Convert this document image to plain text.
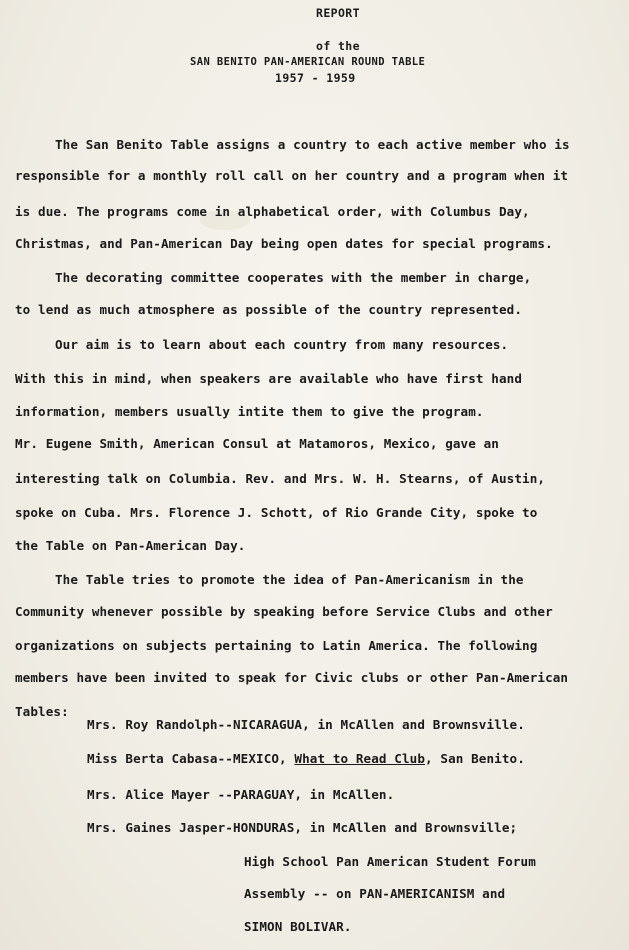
REPORT
of the
SAN BENITO PAN-AMERICAN ROUND TABLE
1957 - 1959
The San Benito Table assigns a country to each active member who is
responsible for a monthly roll call on her country and a program when it
is due. The programs come in alphabetical order, with Columbus Day,
Christmas, and Pan-American Day being open dates for special programs.
The decorating committee cooperates with the member in charge,
to lend as much atmosphere as possible of the country represented.
Our aim is to learn about each country from many resources.
With this in mind, when speakers are available who have first hand
information, members usually intite them to give the program.
Mr. Eugene Smith, American Consul at Matamoros, Mexico, gave an
interesting talk on Columbia. Rev. and Mrs. W. H. Stearns, of Austin,
spoke on Cuba. Mrs. Florence J. Schott, of Rio Grande City, spoke to
the Table on Pan-American Day.
The Table tries to promote the idea of Pan-Americanism in the
Community whenever possible by speaking before Service Clubs and other
organizations on subjects pertaining to Latin America. The following
members have been invited to speak for Civic clubs or other Pan-American
Tables:
Mrs. Roy Randolph--NICARAGUA, in McAllen and Brownsville.
Miss Berta Cabasa--MEXICO, What to Read Club, San Benito.
Mrs. Alice Mayer --PARAGUAY, in McAllen.
Mrs. Gaines Jasper-HONDURAS, in McAllen and Brownsville;
High School Pan American Student Forum
Assembly -- on PAN-AMERICANISM and
SIMON BOLIVAR.
